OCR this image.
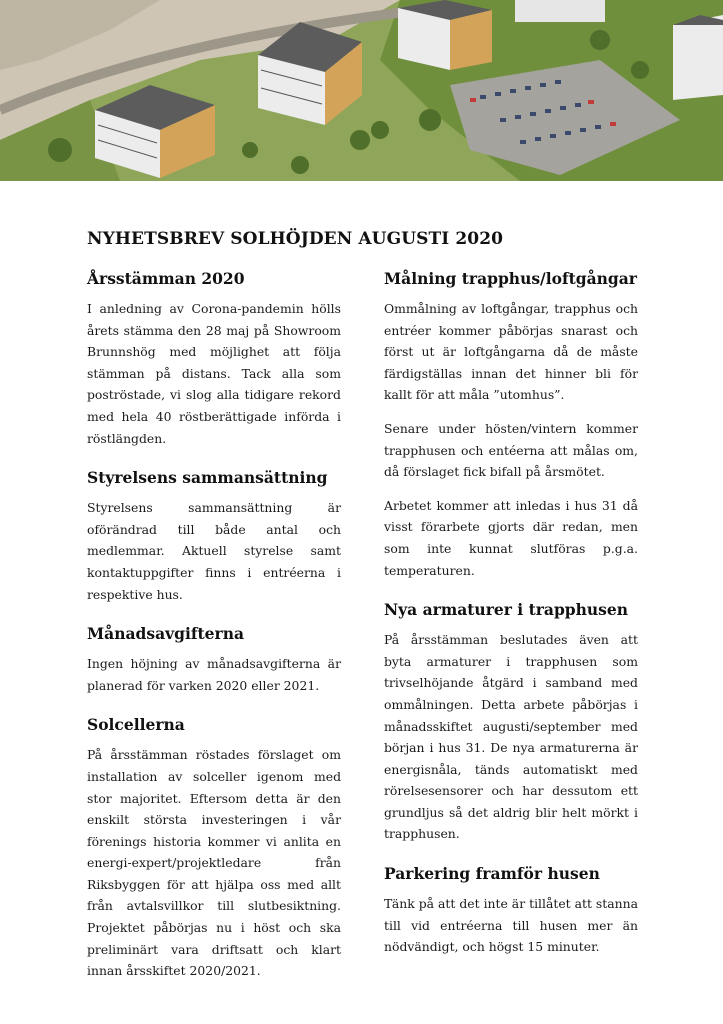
NYHETSBREV SOLHÖJDEN AUGUSTI 2020
Årsstämman 2020

I anledning av Corona-pandemin hölls årets stämma den 28 maj på Showroom Brunnshög med möjlighet att följa stämman på distans. Tack alla som poströstade, vi slog alla tidigare rekord med hela 40 röstberättigade införda i röstlängden.

Styrelsens sammansättning

Styrelsens sammansättning är oförändrad till både antal och medlemmar. Aktuell styrelse samt kontaktuppgifter finns i entréerna i respektive hus.

Månadsavgifterna

Ingen höjning av månadsavgifterna är planerad för varken 2020 eller 2021.

Solcellerna

På årsstämman röstades förslaget om installation av solceller igenom med stor majoritet. Eftersom detta är den enskilt största investeringen i vår förenings historia kommer vi anlita en energi-expert/projektledare från Riksbyggen för att hjälpa oss med allt från avtalsvillkor till slutbesiktning. Projektet påbörjas nu i höst och ska preliminärt vara driftsatt och klart innan årsskiftet 2020/2021.

Målning trapphus/loftgångar

Ommålning av loftgångar, trapphus och entréer kommer påbörjas snarast och först ut är loftgångarna då de måste färdigställas innan det hinner bli för kallt för att måla ”utomhus”.

Senare under hösten/vintern kommer trapphusen och entéerna att målas om, då förslaget fick bifall på årsmötet.

Arbetet kommer att inledas i hus 31 då visst förarbete gjorts där redan, men som inte kunnat slutföras p.g.a. temperaturen.

Nya armaturer i trapphusen

På årsstämman beslutades även att byta armaturer i trapphusen som trivselhöjande åtgärd i samband med ommålningen. Detta arbete påbörjas i månadsskiftet augusti/september med början i hus 31. De nya armaturerna är energisnåla, tänds automatiskt med rörelsesensorer och har dessutom ett grundljus så det aldrig blir helt mörkt i trapphusen.

Parkering framför husen

Tänk på att det inte är tillåtet att stanna till vid entréerna till husen mer än nödvändigt, och högst 15 minuter.
